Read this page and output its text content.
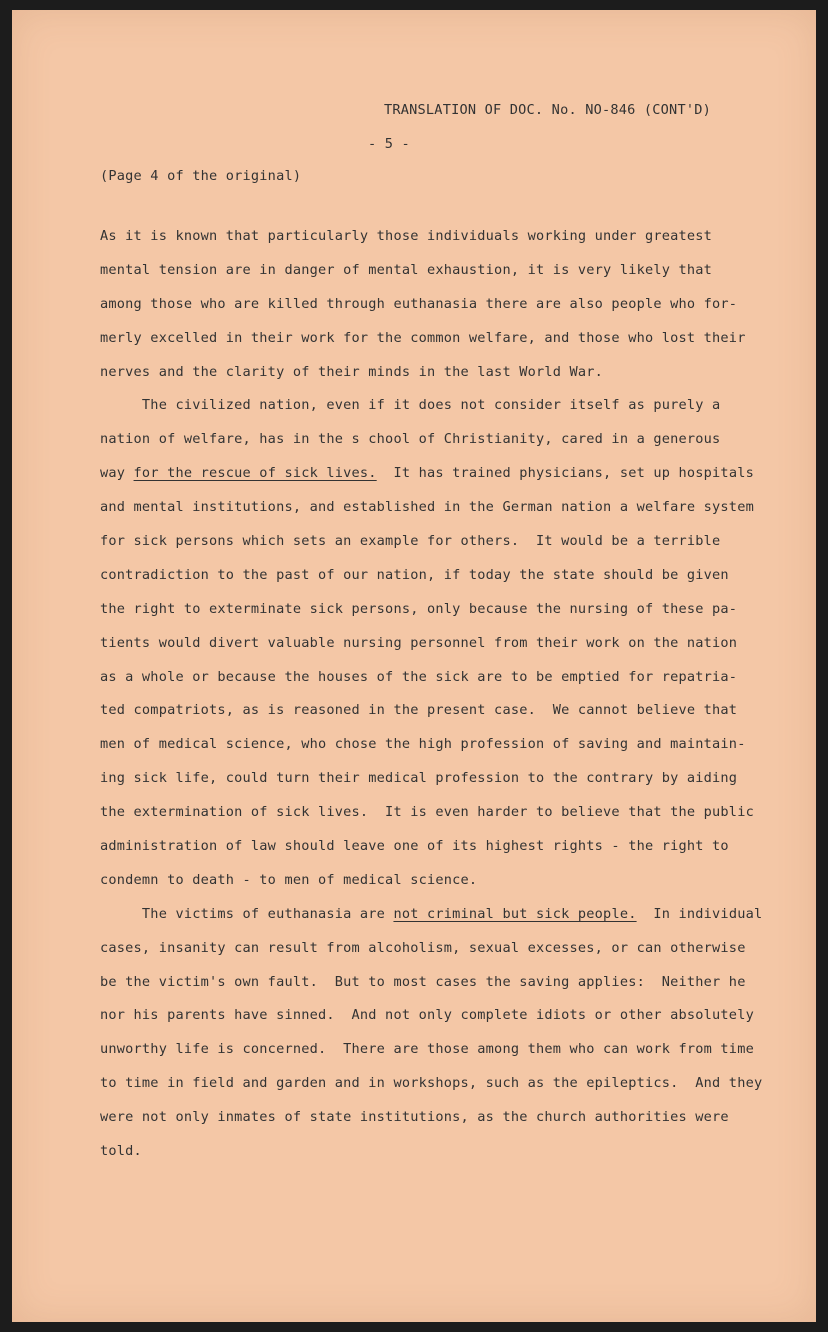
TRANSLATION OF DOC. No. NO-846 (CONT'D)
- 5 -
(Page 4 of the original)
As it is known that particularly those individuals working under greatest
mental tension are in danger of mental exhaustion, it is very likely that
among those who are killed through euthanasia there are also people who for-
merly excelled in their work for the common welfare, and those who lost their
nerves and the clarity of their minds in the last World War.
The civilized nation, even if it does not consider itself as purely a
nation of welfare, has in the s chool of Christianity, cared in a generous
way for the rescue of sick lives.  It has trained physicians, set up hospitals
and mental institutions, and established in the German nation a welfare system
for sick persons which sets an example for others.  It would be a terrible
contradiction to the past of our nation, if today the state should be given
the right to exterminate sick persons, only because the nursing of these pa-
tients would divert valuable nursing personnel from their work on the nation
as a whole or because the houses of the sick are to be emptied for repatria-
ted compatriots, as is reasoned in the present case.  We cannot believe that
men of medical science, who chose the high profession of saving and maintain-
ing sick life, could turn their medical profession to the contrary by aiding
the extermination of sick lives.  It is even harder to believe that the public
administration of law should leave one of its highest rights - the right to
condemn to death - to men of medical science.
The victims of euthanasia are not criminal but sick people.  In individual
cases, insanity can result from alcoholism, sexual excesses, or can otherwise
be the victim's own fault.  But to most cases the saving applies:  Neither he
nor his parents have sinned.  And not only complete idiots or other absolutely
unworthy life is concerned.  There are those among them who can work from time
to time in field and garden and in workshops, such as the epileptics.  And they
were not only inmates of state institutions, as the church authorities were
told.
